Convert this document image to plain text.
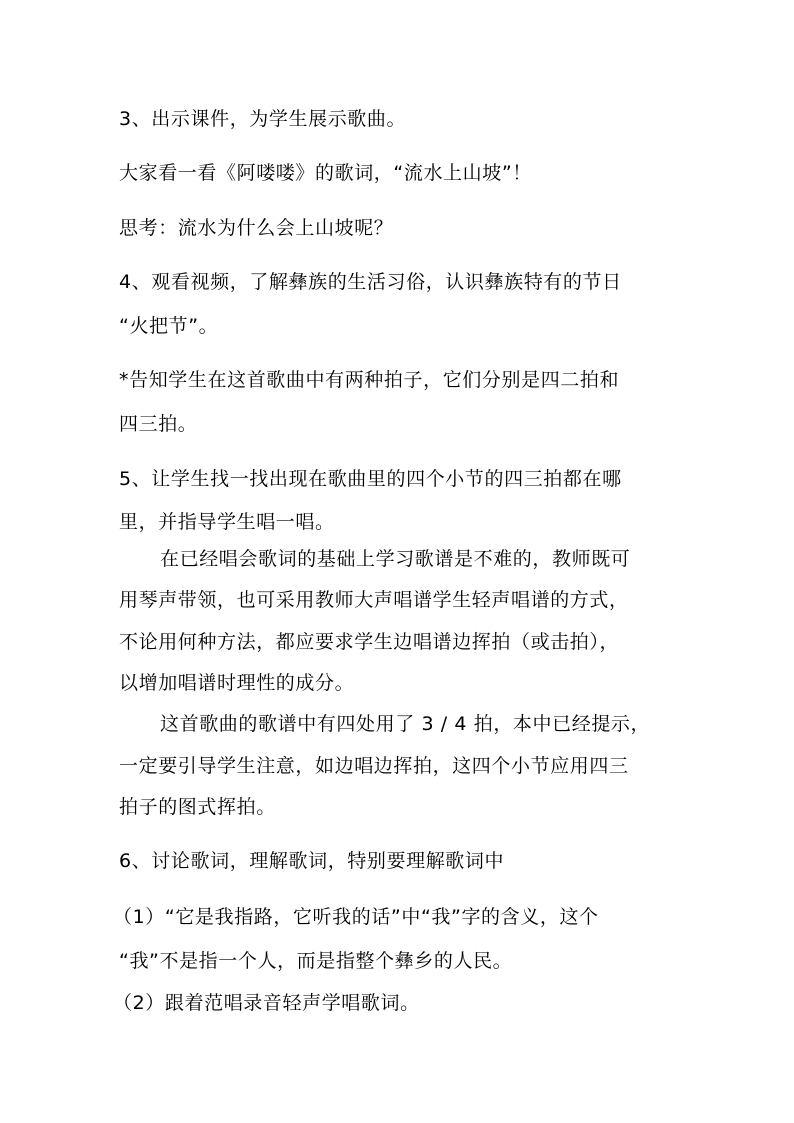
3、出示课件，为学生展示歌曲。
大家看一看《阿喽喽》的歌词，“流水上山坡”！
思考：流水为什么会上山坡呢？
4、观看视频，了解彝族的生活习俗，认识彝族特有的节日
“火把节”。
*告知学生在这首歌曲中有两种拍子，它们分别是四二拍和
四三拍。
5、让学生找一找出现在歌曲里的四个小节的四三拍都在哪
里，并指导学生唱一唱。
在已经唱会歌词的基础上学习歌谱是不难的，教师既可
用琴声带领，也可采用教师大声唱谱学生轻声唱谱的方式，
不论用何种方法，都应要求学生边唱谱边挥拍（或击拍），
以增加唱谱时理性的成分。
这首歌曲的歌谱中有四处用了 3 / 4 拍，本中已经提示，
一定要引导学生注意，如边唱边挥拍，这四个小节应用四三
拍子的图式挥拍。
6、讨论歌词，理解歌词，特别要理解歌词中
（1）“它是我指路，它听我的话”中“我”字的含义，这个
“我”不是指一个人，而是指整个彝乡的人民。
（2）跟着范唱录音轻声学唱歌词。
